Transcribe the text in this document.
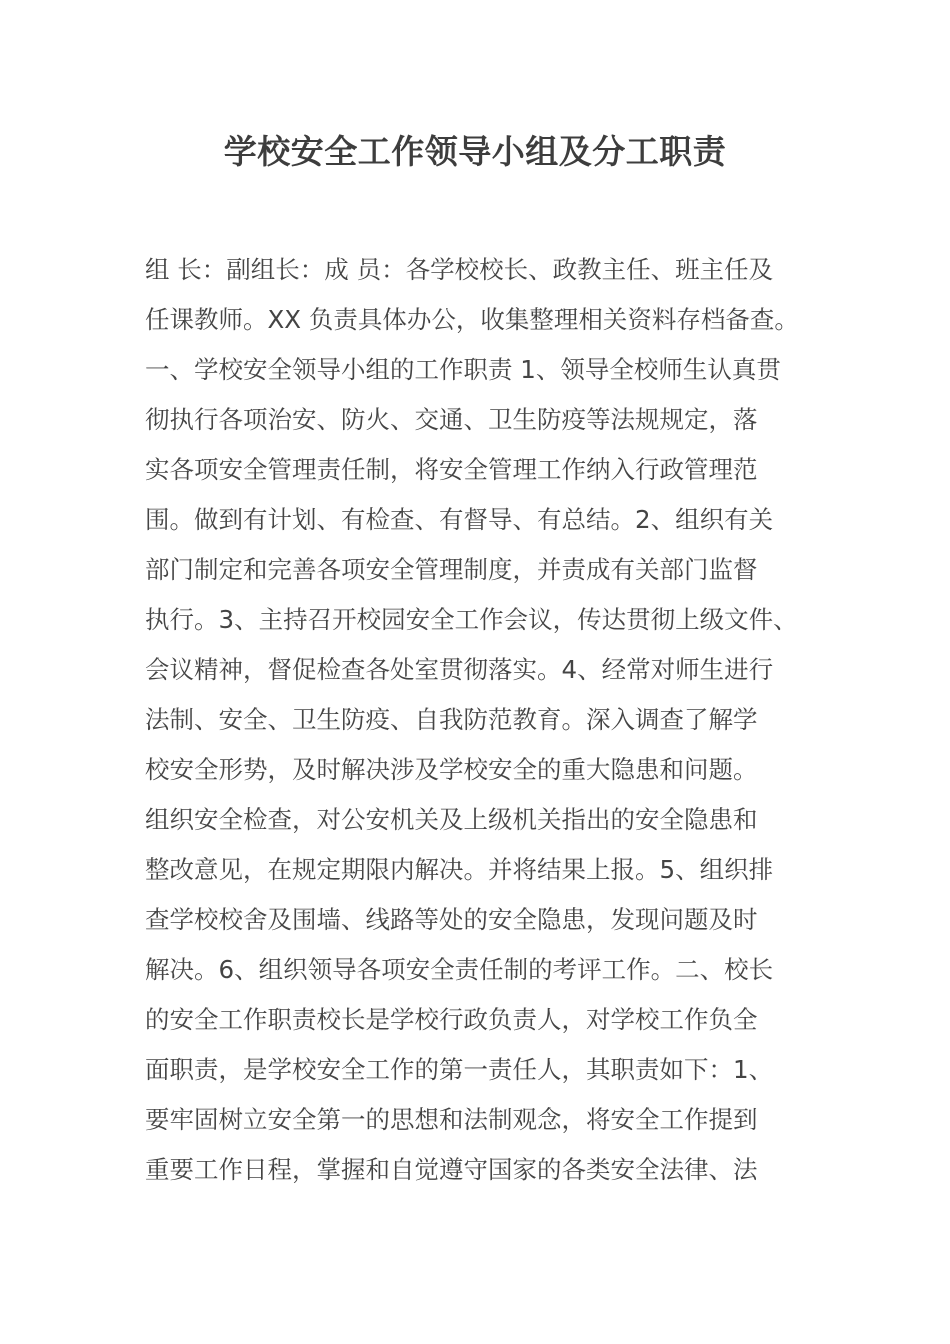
学校安全工作领导小组及分工职责
组 长：副组长：成 员：各学校校长、政教主任、班主任及
任课教师。XX 负责具体办公，收集整理相关资料存档备查。
一、学校安全领导小组的工作职责 1、领导全校师生认真贯
彻执行各项治安、防火、交通、卫生防疫等法规规定，落
实各项安全管理责任制，将安全管理工作纳入行政管理范
围。做到有计划、有检查、有督导、有总结。2、组织有关
部门制定和完善各项安全管理制度，并责成有关部门监督
执行。3、主持召开校园安全工作会议，传达贯彻上级文件、
会议精神，督促检查各处室贯彻落实。4、经常对师生进行
法制、安全、卫生防疫、自我防范教育。深入调查了解学
校安全形势，及时解决涉及学校安全的重大隐患和问题。
组织安全检查，对公安机关及上级机关指出的安全隐患和
整改意见，在规定期限内解决。并将结果上报。5、组织排
查学校校舍及围墙、线路等处的安全隐患，发现问题及时
解决。6、组织领导各项安全责任制的考评工作。二、校长
的安全工作职责校长是学校行政负责人，对学校工作负全
面职责，是学校安全工作的第一责任人，其职责如下：1、
要牢固树立安全第一的思想和法制观念，将安全工作提到
重要工作日程，掌握和自觉遵守国家的各类安全法律、法
